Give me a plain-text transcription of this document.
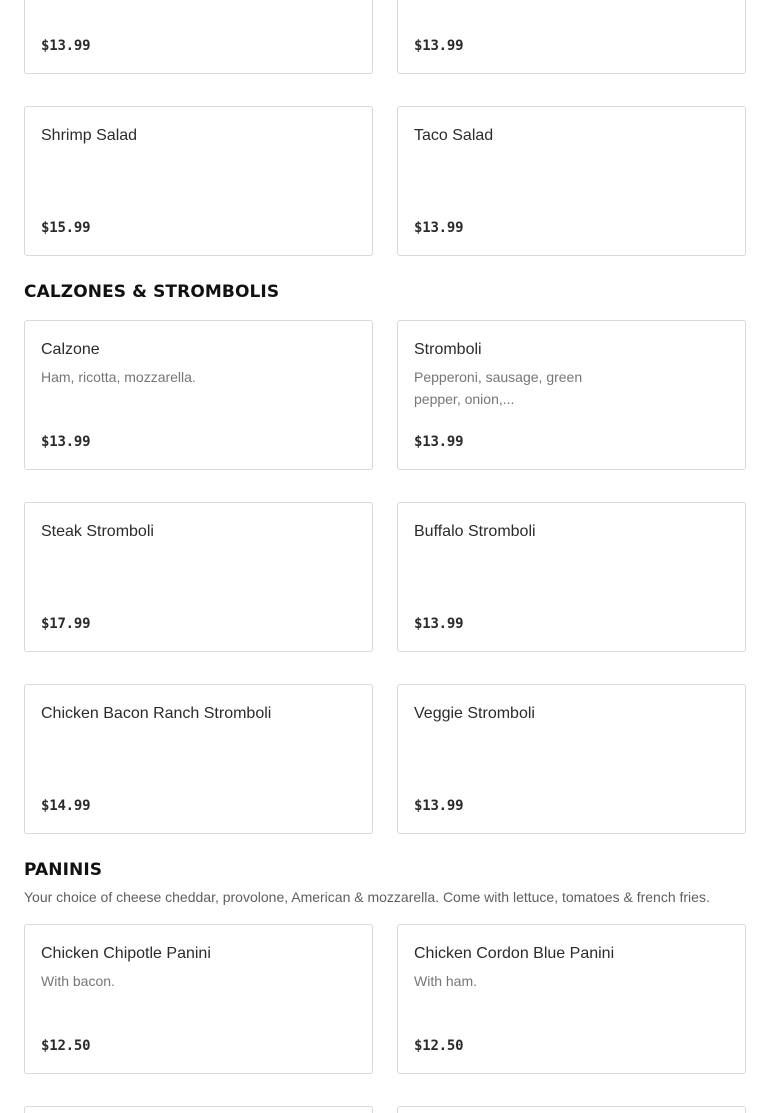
$13.99	$13.99
Shrimp Salad
$15.99
Taco Salad
$13.99
CALZONES & STROMBOLIS
Calzone
Ham, ricotta, mozzarella.
$13.99
Stromboli
Pepperoni, sausage, green pepper, onion,...
$13.99
Steak Stromboli
$17.99
Buffalo Stromboli
$13.99
Chicken Bacon Ranch Stromboli
$14.99
Veggie Stromboli
$13.99
PANINIS
Your choice of cheese cheddar, provolone, American & mozzarella. Come with lettuce, tomatoes & french fries.
Chicken Chipotle Panini
With bacon.
$12.50
Chicken Cordon Blue Panini
With ham.
$12.50
